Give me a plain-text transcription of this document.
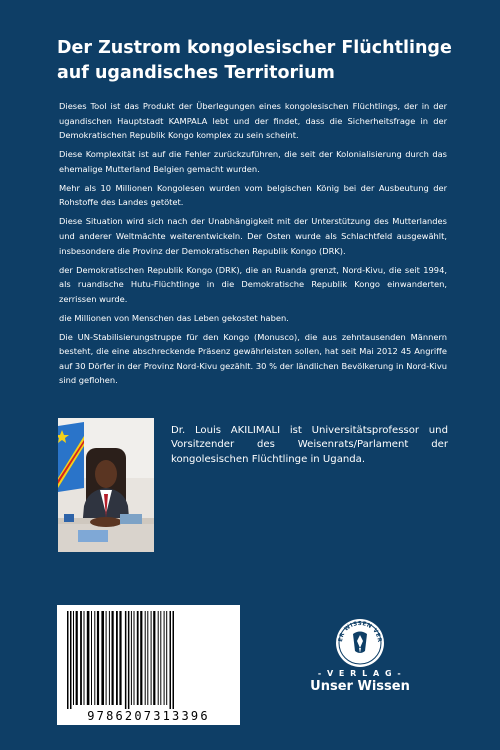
Der Zustrom kongolesischer Flüchtlinge auf ugandisches Territorium

Dieses Tool ist das Produkt der Überlegungen eines kongolesischen Flüchtlings, der in der ugandischen Hauptstadt KAMPALA lebt und der findet, dass die Sicherheitsfrage in der Demokratischen Republik Kongo komplex zu sein scheint.

Diese Komplexität ist auf die Fehler zurückzuführen, die seit der Kolonialisierung durch das ehemalige Mutterland Belgien gemacht wurden.

Mehr als 10 Millionen Kongolesen wurden vom belgischen König bei der Ausbeutung der Rohstoffe des Landes getötet.

Diese Situation wird sich nach der Unabhängigkeit mit der Unterstützung des Mutterlandes und anderer Weltmächte weiterentwickeln. Der Osten wurde als Schlachtfeld ausgewählt, insbesondere die Provinz der Demokratischen Republik Kongo (DRK).

der Demokratischen Republik Kongo (DRK), die an Ruanda grenzt, Nord-Kivu, die seit 1994, als ruandische Hutu-Flüchtlinge in die Demokratische Republik Kongo einwanderten, zerrissen wurde.

die Millionen von Menschen das Leben gekostet haben.

Die UN-Stabilisierungstruppe für den Kongo (Monusco), die aus zehntausenden Männern besteht, die eine abschreckende Präsenz gewährleisten sollen, hat seit Mai 2012 45 Angriffe auf 30 Dörfer in der Provinz Nord-Kivu gezählt. 30 % der ländlichen Bevölkerung in Nord-Kivu sind geflohen.

Dr. Louis AKILIMALI ist Universitätsprofessor und Vorsitzender des Weisenrats/Parlament der kongolesischen Flüchtlinge in Uganda.
9786207313396
ER WISSEN VER
- V E R L A G -
Unser Wissen
